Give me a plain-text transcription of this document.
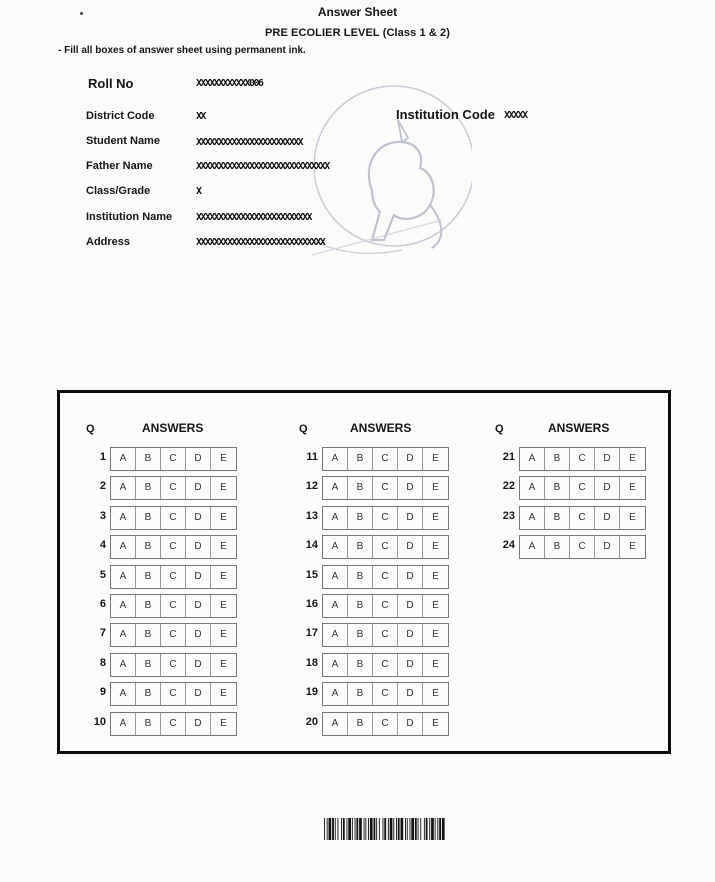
Answer Sheet
PRE ECOLIER LEVEL (Class 1 & 2)
- Fill all boxes of answer sheet using permanent ink.
Roll No	XXXXXXXXXXXX006
District Code	XX	Institution Code XXXXX
Student Name	XXXXXXXXXXXXXXXXXXXXXXXX
Father Name	XXXXXXXXXXXXXXXXXXXXXXXXXXXXXX
Class/Grade	X
Institution Name XXXXXXXXXXXXXXXXXXXXXXXXXX
Address	XXXXXXXXXXXXXXXXXXXXXXXXXXXXX
Q	ANSWERS
1	A	B	C	D	E
2	A	B	C	D	E
3	A	B	C	D	E
4	A	B	C	D	E
5	A	B	C	D	E
6	A	B	C	D	E
7	A	B	C	D	E
8	A	B	C	D	E
9	A	B	C	D	E
10	A	B	C	D	E
Q	ANSWERS
11	A	B	C	D	E
12	A	B	C	D	E
13	A	B	C	D	E
14	A	B	C	D	E
15	A	B	C	D	E
16	A	B	C	D	E
17	A	B	C	D	E
18	A	B	C	D	E
19	A	B	C	D	E
20	A	B	C	D	E
Q	ANSWERS
21	A	B	C	D	E
22	A	B	C	D	E
23	A	B	C	D	E
24	A	B	C	D	E
